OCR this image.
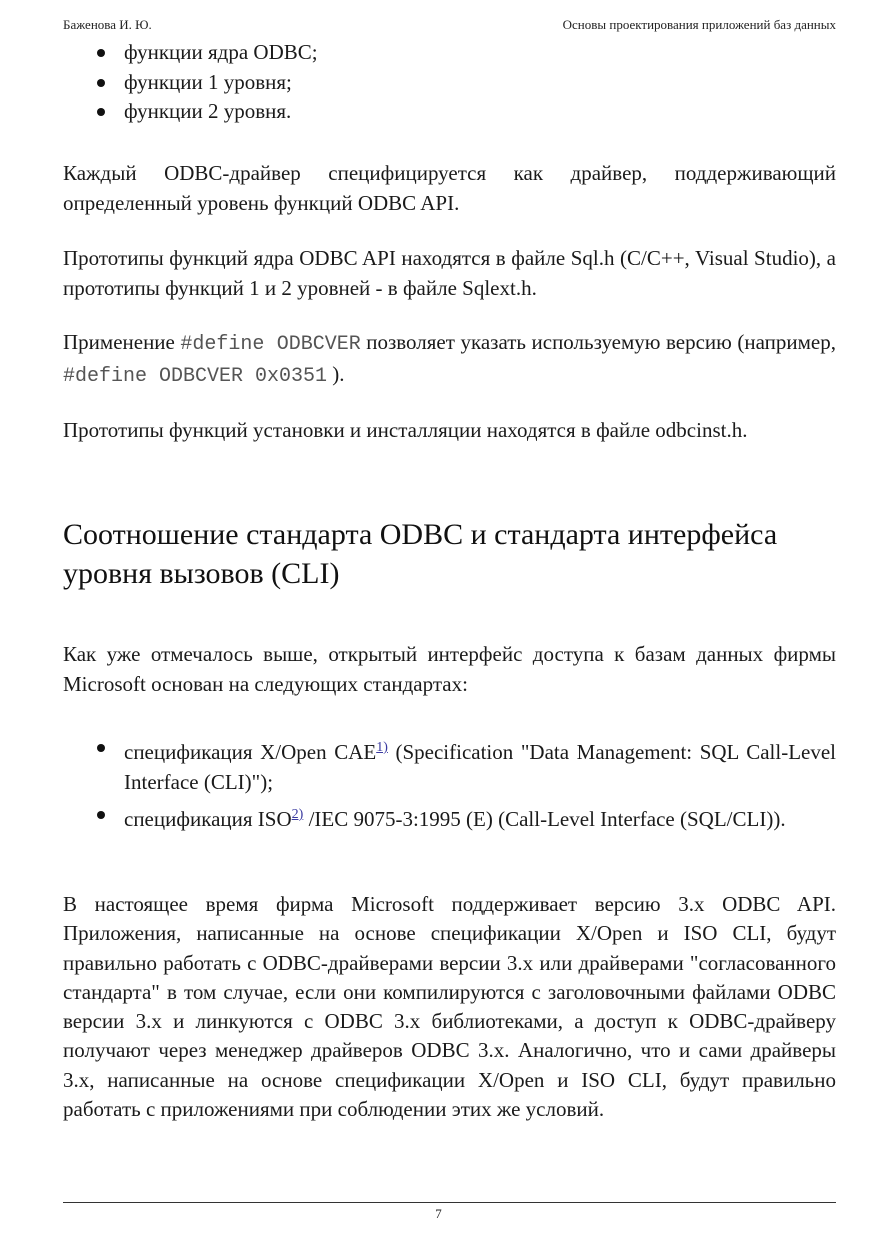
Баженова И. Ю.	Основы проектирования приложений баз данных
функции ядра ODBC;
функции 1 уровня;
функции 2 уровня.

Каждый ODBC-драйвер специфицируется как драйвер, поддерживающий определенный уровень функций ODBC API.

Прототипы функций ядра ODBC API находятся в файле Sql.h (C/C++, Visual Studio), а прототипы функций 1 и 2 уровней - в файле Sqlext.h.

Применение #define ODBCVER позволяет указать используемую версию (например, #define ODBCVER 0x0351 ).

Прототипы функций установки и инсталляции находятся в файле odbcinst.h.

Соотношение стандарта ODBC и стандарта интерфейса уровня вызовов (CLI)

Как уже отмечалось выше, открытый интерфейс доступа к базам данных фирмы Microsoft основан на следующих стандартах:

спецификация X/Open CAE$^{1)}$ (Specification "Data Management: SQL Call-Level Interface (CLI)");
спецификация ISO$^{2)}$ /IEC 9075-3:1995 (E) (Call-Level Interface (SQL/CLI)).

В настоящее время фирма Microsoft поддерживает версию 3.x ODBC API. Приложения, написанные на основе спецификации X/Open и ISO CLI, будут правильно работать с ODBC-драйверами версии 3.x или драйверами "согласованного стандарта" в том случае, если они компилируются с заголовочными файлами ODBC версии 3.x и линкуются с ODBC 3.x библиотеками, а доступ к ODBC-драйверу получают через менеджер драйверов ODBC 3.x. Аналогично, что и сами драйверы 3.x, написанные на основе спецификации X/Open и ISO CLI, будут правильно работать с приложениями при соблюдении этих же условий.

7
